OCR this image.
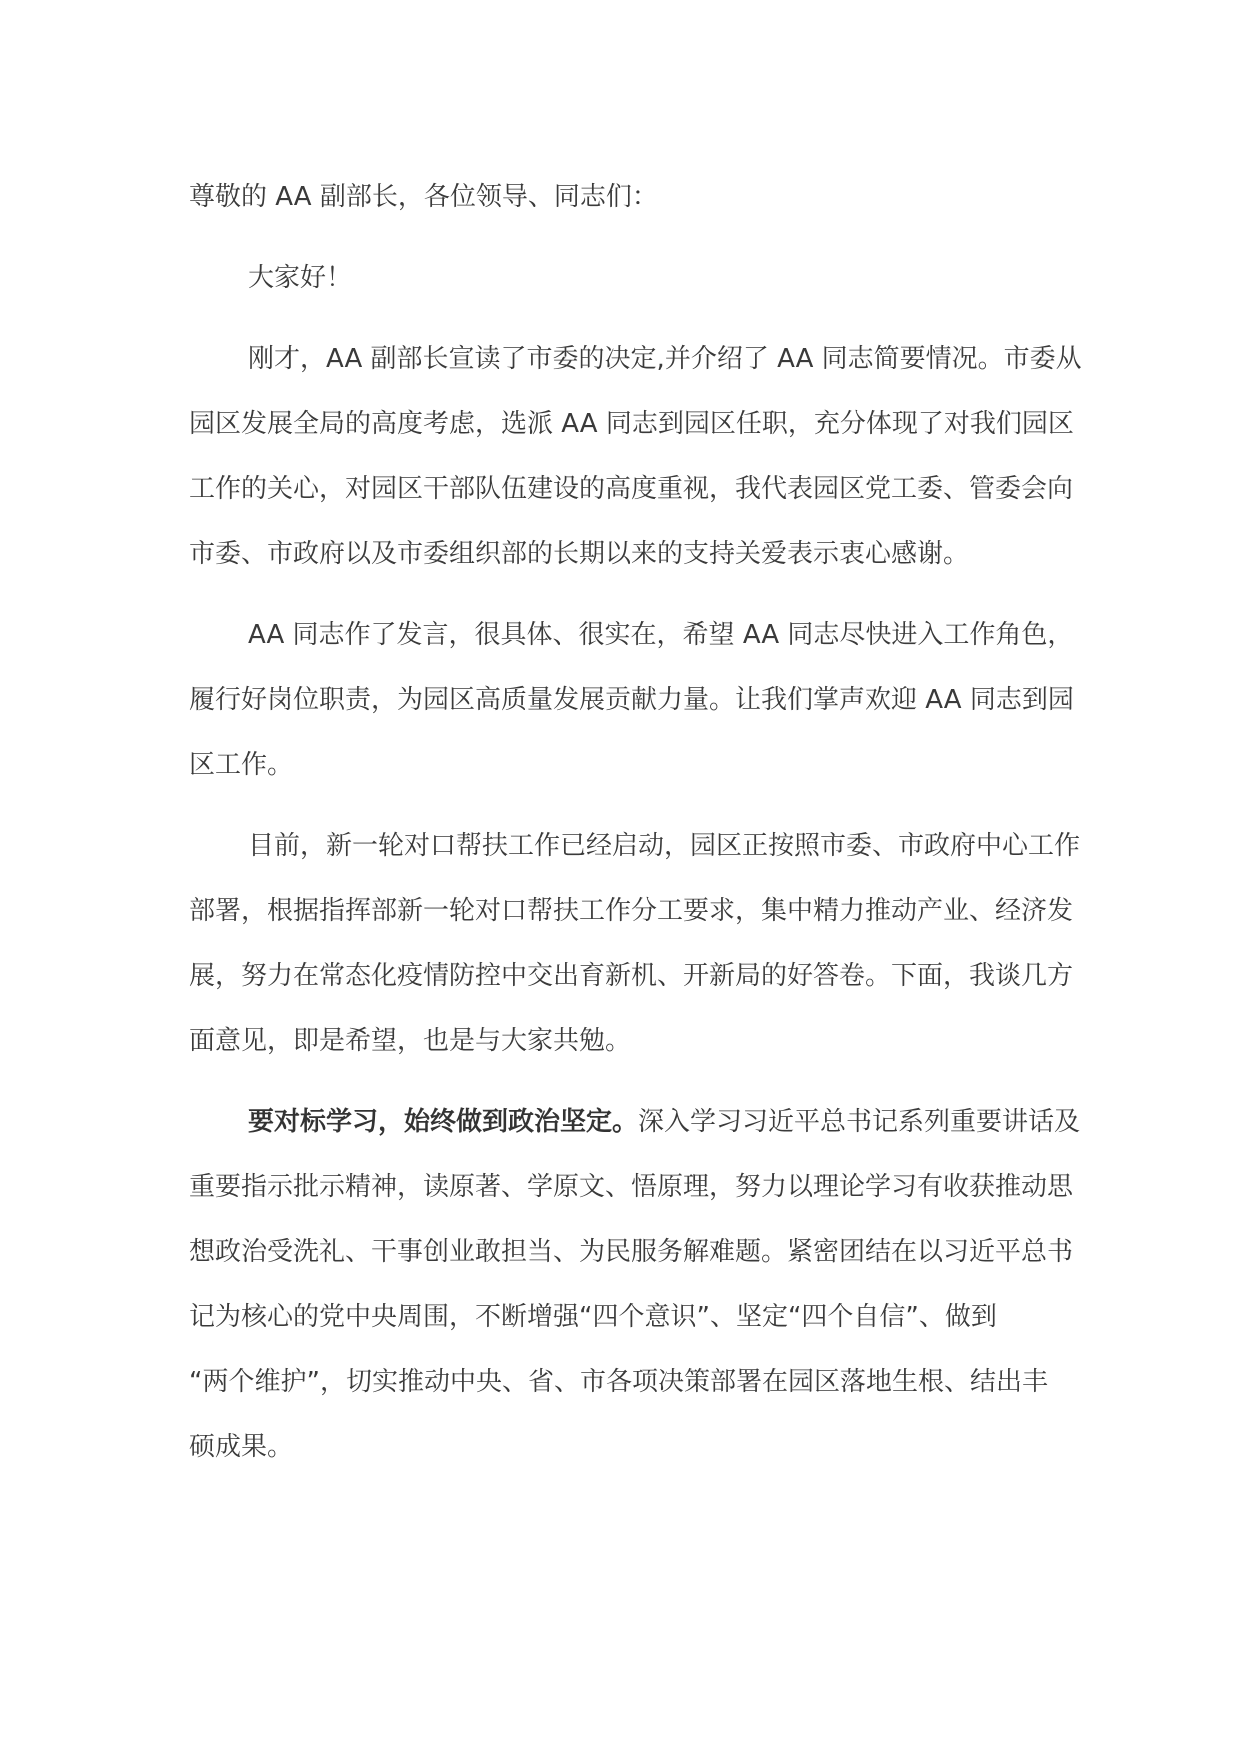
尊敬的 AA 副部长，各位领导、同志们：
大家好！
刚才，AA 副部长宣读了市委的决定,并介绍了 AA 同志简要情况。市委从
园区发展全局的高度考虑，选派 AA 同志到园区任职，充分体现了对我们园区
工作的关心，对园区干部队伍建设的高度重视，我代表园区党工委、管委会向
市委、市政府以及市委组织部的长期以来的支持关爱表示衷心感谢。
AA 同志作了发言，很具体、很实在，希望 AA 同志尽快进入工作角色，
履行好岗位职责，为园区高质量发展贡献力量。让我们掌声欢迎 AA 同志到园
区工作。
目前，新一轮对口帮扶工作已经启动，园区正按照市委、市政府中心工作
部署，根据指挥部新一轮对口帮扶工作分工要求，集中精力推动产业、经济发
展，努力在常态化疫情防控中交出育新机、开新局的好答卷。下面，我谈几方
面意见，即是希望，也是与大家共勉。
要对标学习，始终做到政治坚定。深入学习习近平总书记系列重要讲话及
重要指示批示精神，读原著、学原文、悟原理，努力以理论学习有收获推动思
想政治受洗礼、干事创业敢担当、为民服务解难题。紧密团结在以习近平总书
记为核心的党中央周围，不断增强“四个意识”、坚定“四个自信”、做到
“两个维护”，切实推动中央、省、市各项决策部署在园区落地生根、结出丰
硕成果。
